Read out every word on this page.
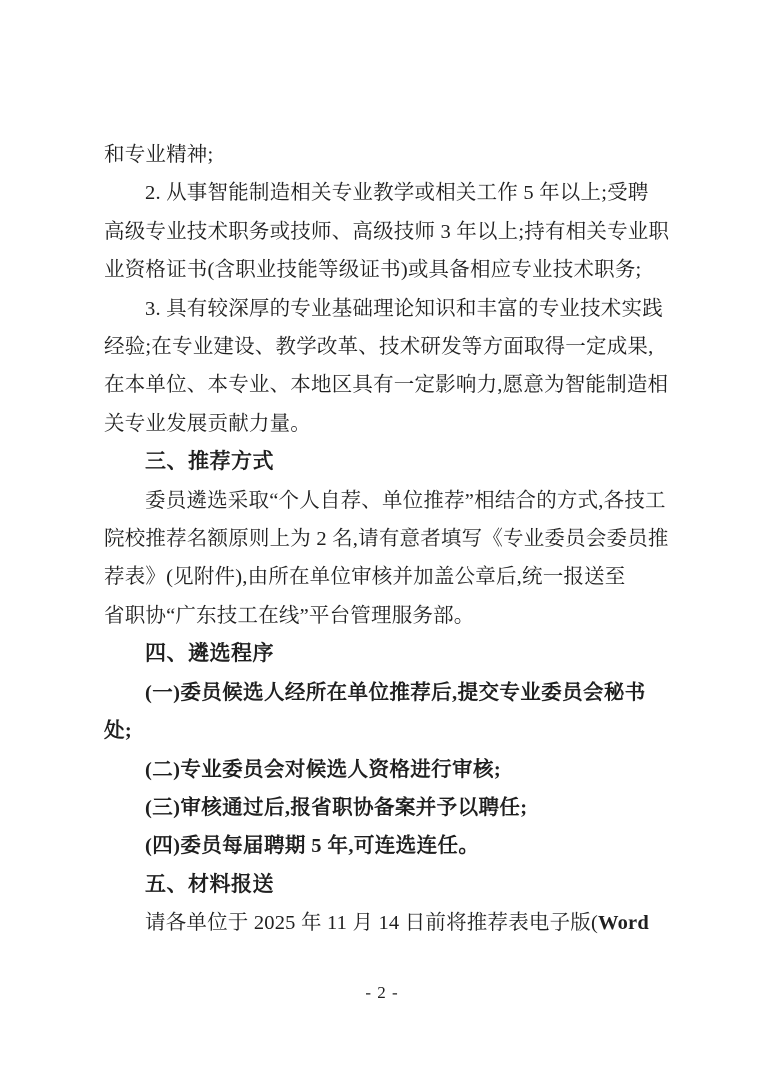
和专业精神;
2. 从事智能制造相关专业教学或相关工作 5 年以上;受聘
高级专业技术职务或技师、高级技师 3 年以上;持有相关专业职
业资格证书(含职业技能等级证书)或具备相应专业技术职务;
3. 具有较深厚的专业基础理论知识和丰富的专业技术实践
经验;在专业建设、教学改革、技术研发等方面取得一定成果,
在本单位、本专业、本地区具有一定影响力,愿意为智能制造相
关专业发展贡献力量。
三、推荐方式
委员遴选采取“个人自荐、单位推荐”相结合的方式,各技工
院校推荐名额原则上为 2 名,请有意者填写《专业委员会委员推
荐表》(见附件),由所在单位审核并加盖公章后,统一报送至
省职协“广东技工在线”平台管理服务部。
四、遴选程序
(一)委员候选人经所在单位推荐后,提交专业委员会秘书
处;
(二)专业委员会对候选人资格进行审核;
(三)审核通过后,报省职协备案并予以聘任;
(四)委员每届聘期 5 年,可连选连任。
五、材料报送
请各单位于 2025 年 11 月 14 日前将推荐表电子版(Word
- 2 -
